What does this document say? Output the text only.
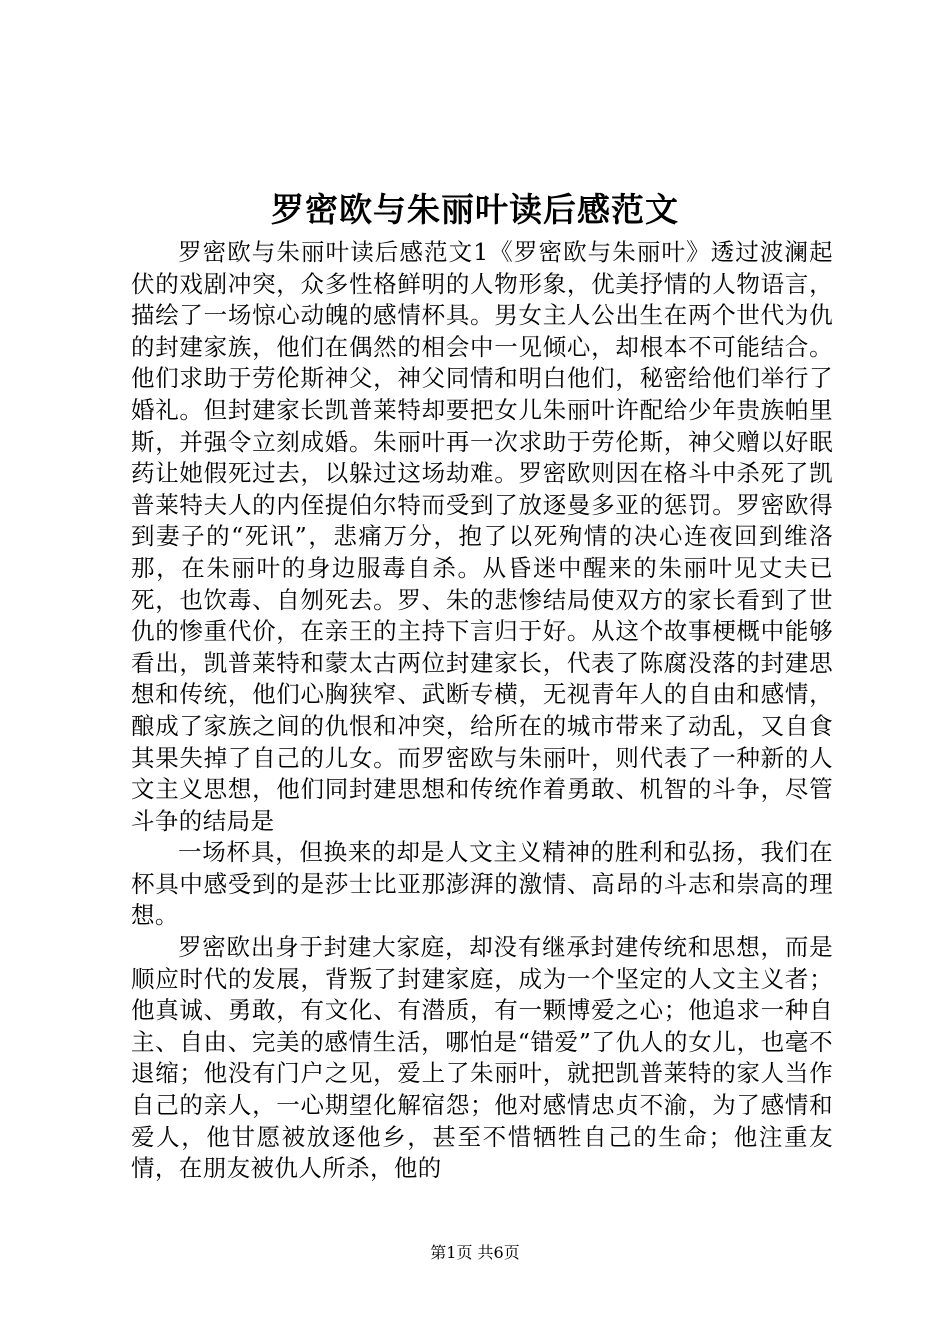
罗密欧与朱丽叶读后感范文

罗密欧与朱丽叶读后感范文1《罗密欧与朱丽叶》透过波澜起伏的戏剧冲突，众多性格鲜明的人物形象，优美抒情的人物语言，描绘了一场惊心动魄的感情杯具。男女主人公出生在两个世代为仇的封建家族，他们在偶然的相会中一见倾心，却根本不可能结合。他们求助于劳伦斯神父，神父同情和明白他们，秘密给他们举行了婚礼。但封建家长凯普莱特却要把女儿朱丽叶许配给少年贵族帕里斯，并强令立刻成婚。朱丽叶再一次求助于劳伦斯，神父赠以好眠药让她假死过去，以躲过这场劫难。罗密欧则因在格斗中杀死了凯普莱特夫人的内侄提伯尔特而受到了放逐曼多亚的惩罚。罗密欧得到妻子的“死讯”，悲痛万分，抱了以死殉情的决心连夜回到维洛那，在朱丽叶的身边服毒自杀。从昏迷中醒来的朱丽叶见丈夫已死，也饮毒、自刎死去。罗、朱的悲惨结局使双方的家长看到了世仇的惨重代价，在亲王的主持下言归于好。从这个故事梗概中能够看出，凯普莱特和蒙太古两位封建家长，代表了陈腐没落的封建思想和传统，他们心胸狭窄、武断专横，无视青年人的自由和感情，酿成了家族之间的仇恨和冲突，给所在的城市带来了动乱，又自食其果失掉了自己的儿女。而罗密欧与朱丽叶，则代表了一种新的人文主义思想，他们同封建思想和传统作着勇敢、机智的斗争，尽管斗争的结局是

一场杯具，但换来的却是人文主义精神的胜利和弘扬，我们在杯具中感受到的是莎士比亚那澎湃的激情、高昂的斗志和崇高的理想。

罗密欧出身于封建大家庭，却没有继承封建传统和思想，而是顺应时代的发展，背叛了封建家庭，成为一个坚定的人文主义者；他真诚、勇敢，有文化、有潜质，有一颗博爱之心；他追求一种自主、自由、完美的感情生活，哪怕是“错爱”了仇人的女儿，也毫不退缩；他没有门户之见，爱上了朱丽叶，就把凯普莱特的家人当作自己的亲人，一心期望化解宿怨；他对感情忠贞不渝，为了感情和爱人，他甘愿被放逐他乡，甚至不惜牺牲自己的生命；他注重友情，在朋友被仇人所杀，他的

第1页 共6页
